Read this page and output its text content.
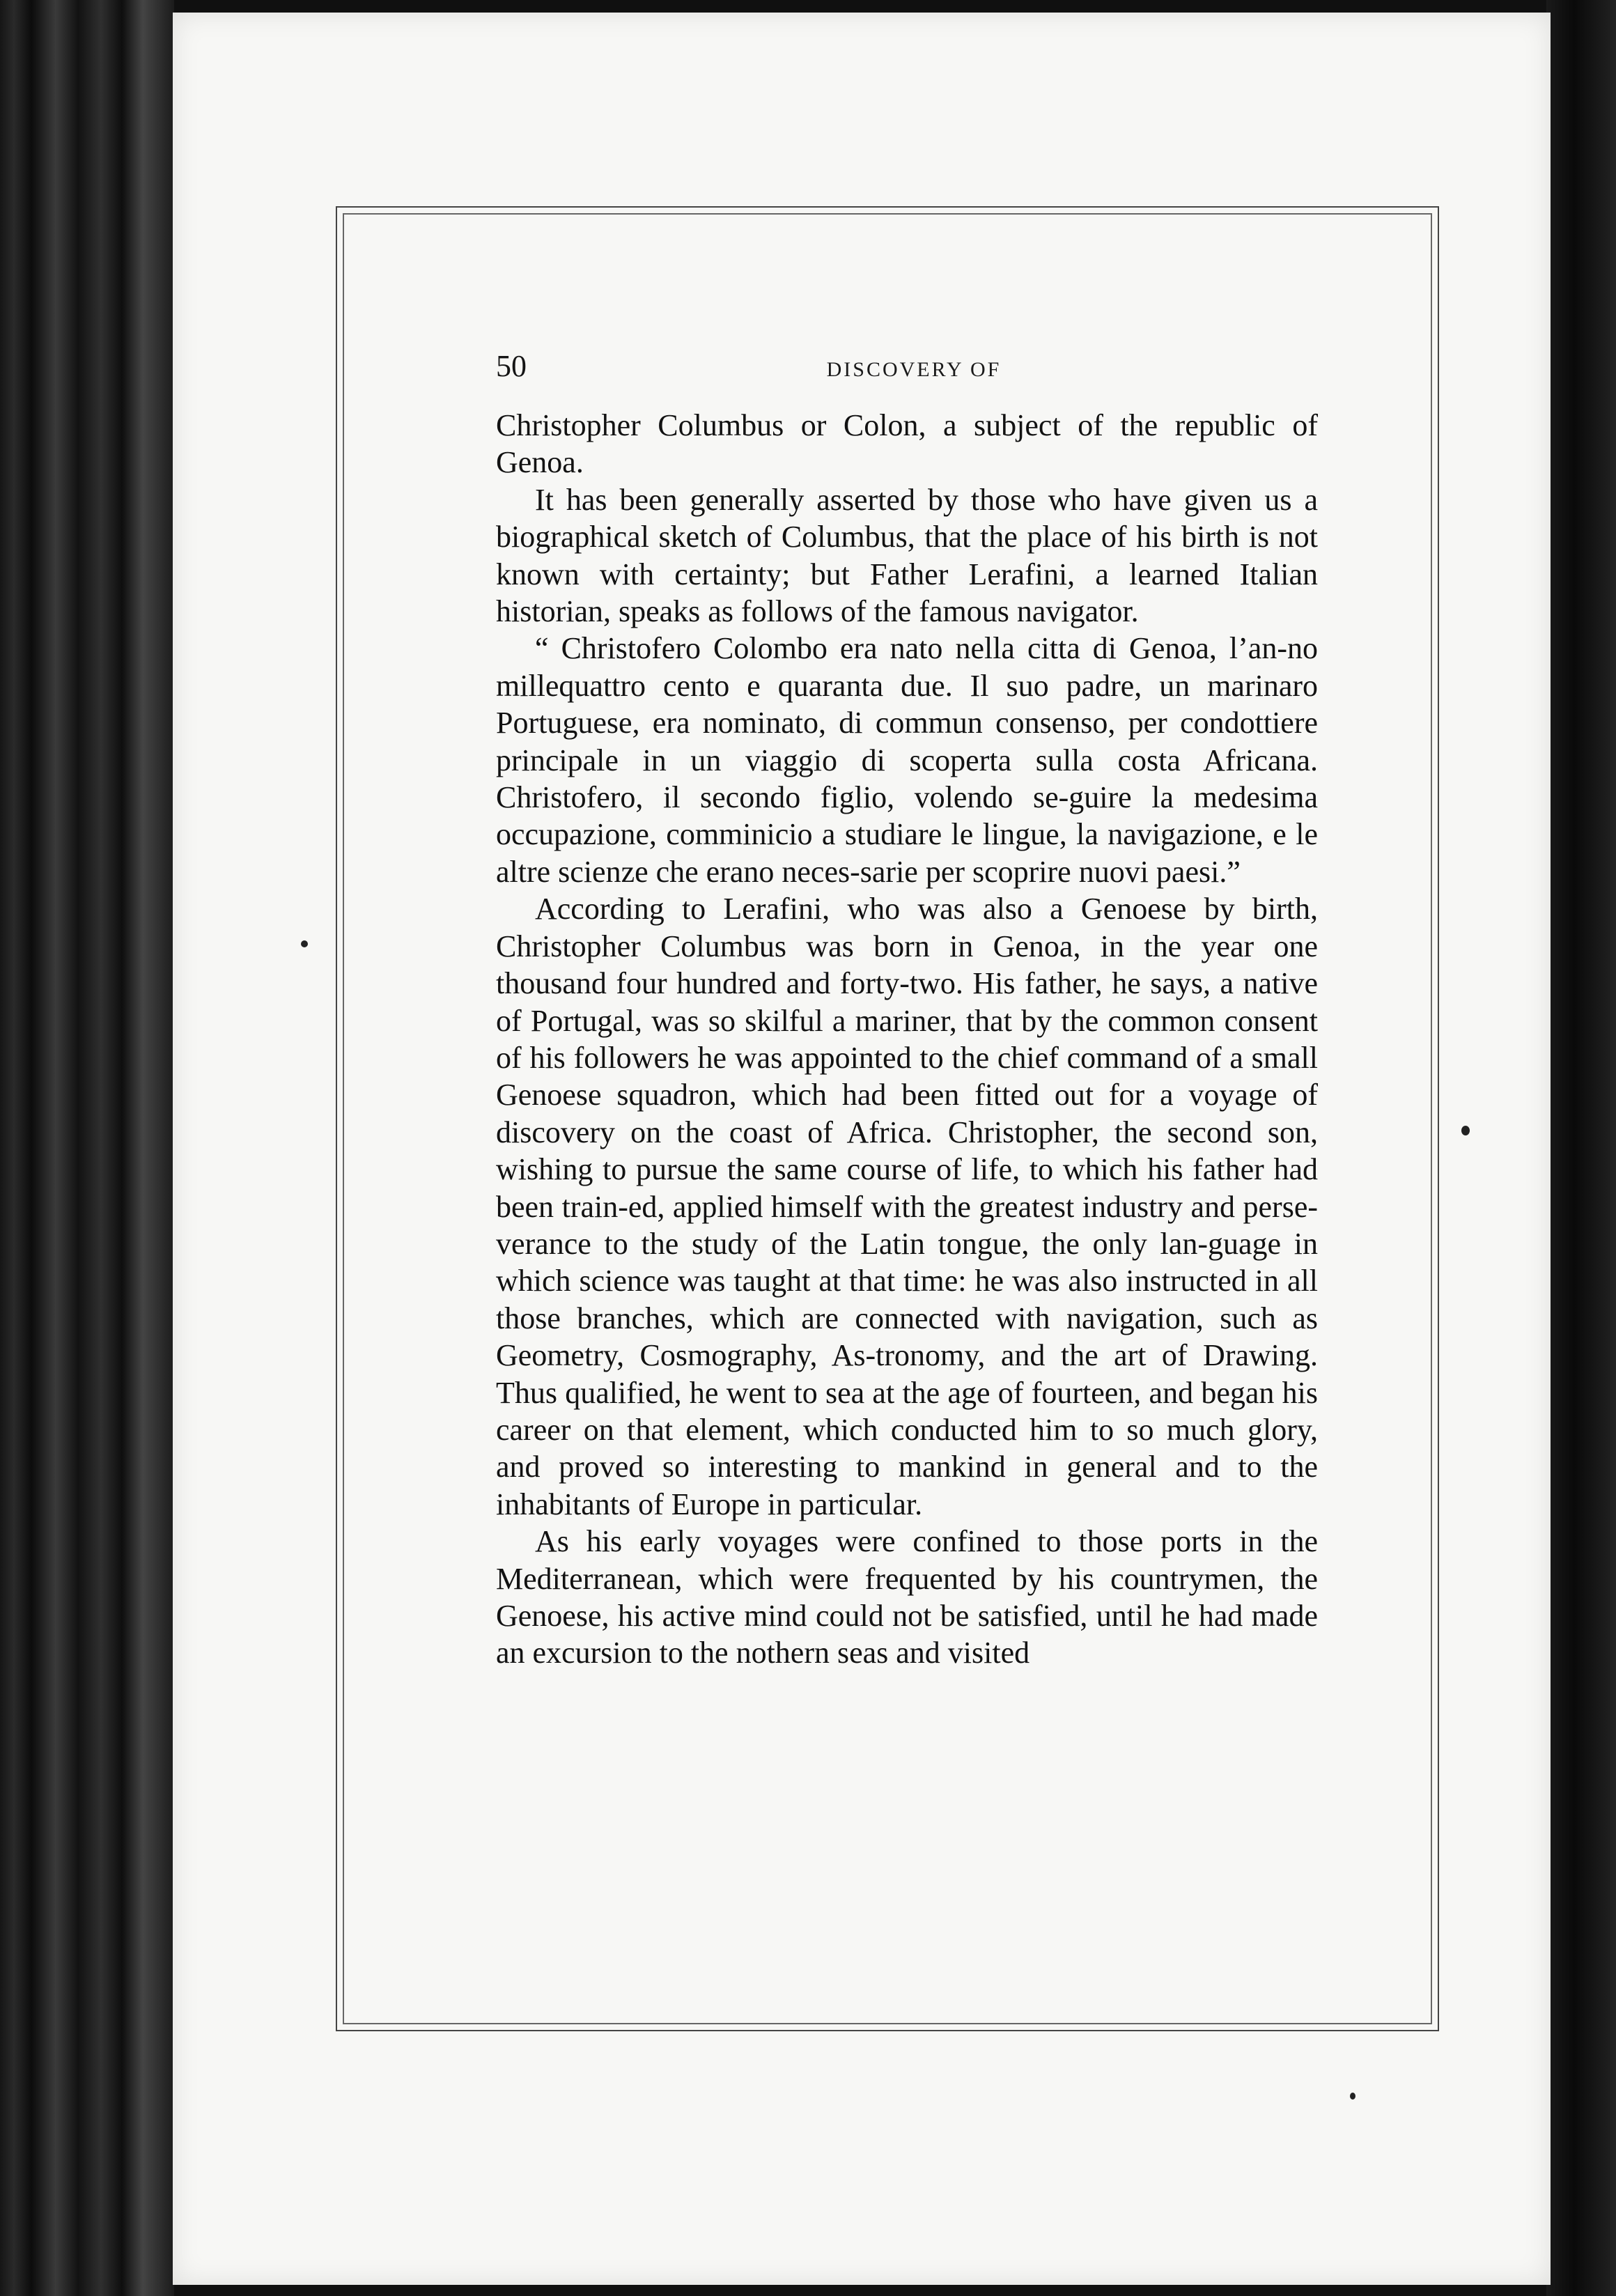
50	DISCOVERY OF

Christopher Columbus or Colon, a subject of the republic of Genoa.

It has been generally asserted by those who have given us a biographical sketch of Columbus, that the place of his birth is not known with certainty; but Father Lerafini, a learned Italian historian, speaks as follows of the famous navigator.

“ Christofero Colombo era nato nella citta di Genoa, l’an-no millequattro cento e quaranta due. Il suo padre, un marinaro Portuguese, era nominato, di commun consenso, per condottiere principale in un viaggio di scoperta sulla costa Africana. Christofero, il secondo figlio, volendo se-guire la medesima occupazione, comminicio a studiare le lingue, la navigazione, e le altre scienze che erano neces-sarie per scoprire nuovi paesi.”

According to Lerafini, who was also a Genoese by birth, Christopher Columbus was born in Genoa, in the year one thousand four hundred and forty-two. His father, he says, a native of Portugal, was so skilful a mariner, that by the common consent of his followers he was appointed to the chief command of a small Genoese squadron, which had been fitted out for a voyage of discovery on the coast of Africa. Christopher, the second son, wishing to pursue the same course of life, to which his father had been train-ed, applied himself with the greatest industry and perse-verance to the study of the Latin tongue, the only lan-guage in which science was taught at that time: he was also instructed in all those branches, which are connected with navigation, such as Geometry, Cosmography, As-tronomy, and the art of Drawing. Thus qualified, he went to sea at the age of fourteen, and began his career on that element, which conducted him to so much glory, and proved so interesting to mankind in general and to the inhabitants of Europe in particular.

As his early voyages were confined to those ports in the Mediterranean, which were frequented by his countrymen, the Genoese, his active mind could not be satisfied, until he had made an excursion to the nothern seas and visited
